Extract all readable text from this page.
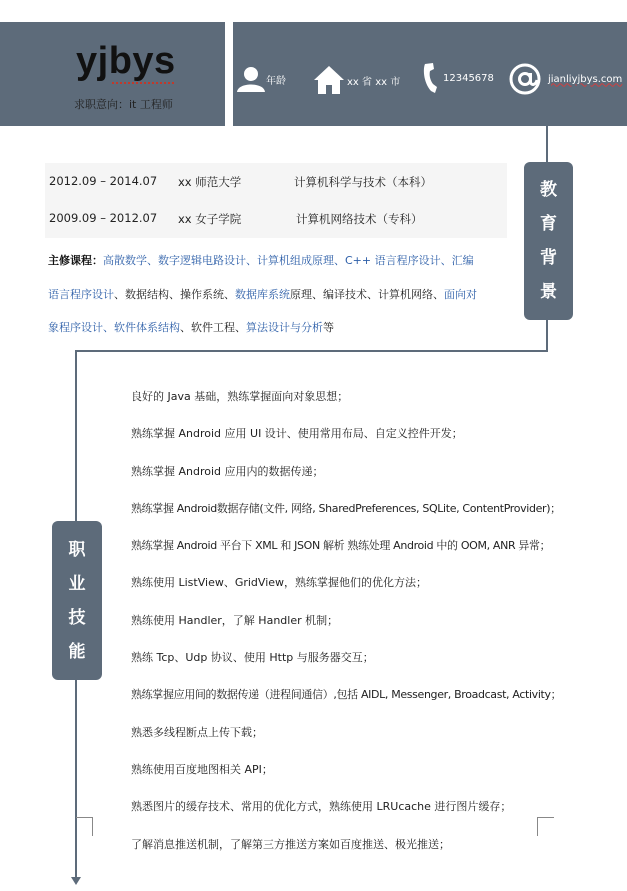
yjbys
求职意向：it 工程师
年龄	xx 省 xx 市	12345678	jianliyjbys.com
教
育
背
景
2012.09 – 2014.07 xx 师范大学	计算机科学与技术（本科）
2009.09 – 2012.07 xx 女子学院	计算机网络技术（专科）
主修课程：高散数学、数字逻辑电路设计、计算机组成原理、C++ 语言程序设计、汇编
语言程序设计、数据结构、操作系统、数据库系统原理、编译技术、计算机网络、面向对
象程序设计、软件体系结构、软件工程、算法设计与分析等
职
业
技
能
良好的 Java 基础，熟练掌握面向对象思想；
熟练掌握 Android 应用 UI 设计、使用常用布局、自定义控件开发；
熟练掌握 Android 应用内的数据传递；
熟练掌握 Android数据存储(文件, 网络, SharedPreferences, SQLite, ContentProvider)；
熟练掌握 Android 平台下 XML 和 JSON 解析 熟练处理 Android 中的 OOM, ANR 异常；
熟练使用 ListView、GridView，熟练掌握他们的优化方法；
熟练使用 Handler，了解 Handler 机制；
熟练 Tcp、Udp 协议、使用 Http 与服务器交互；
熟练掌握应用间的数据传递（进程间通信）,包括 AIDL, Messenger, Broadcast, Activity；
熟悉多线程断点上传下载；
熟练使用百度地图相关 API；
熟悉图片的缓存技术、常用的优化方式，熟练使用 LRUcache 进行图片缓存；
了解消息推送机制，了解第三方推送方案如百度推送、极光推送；
